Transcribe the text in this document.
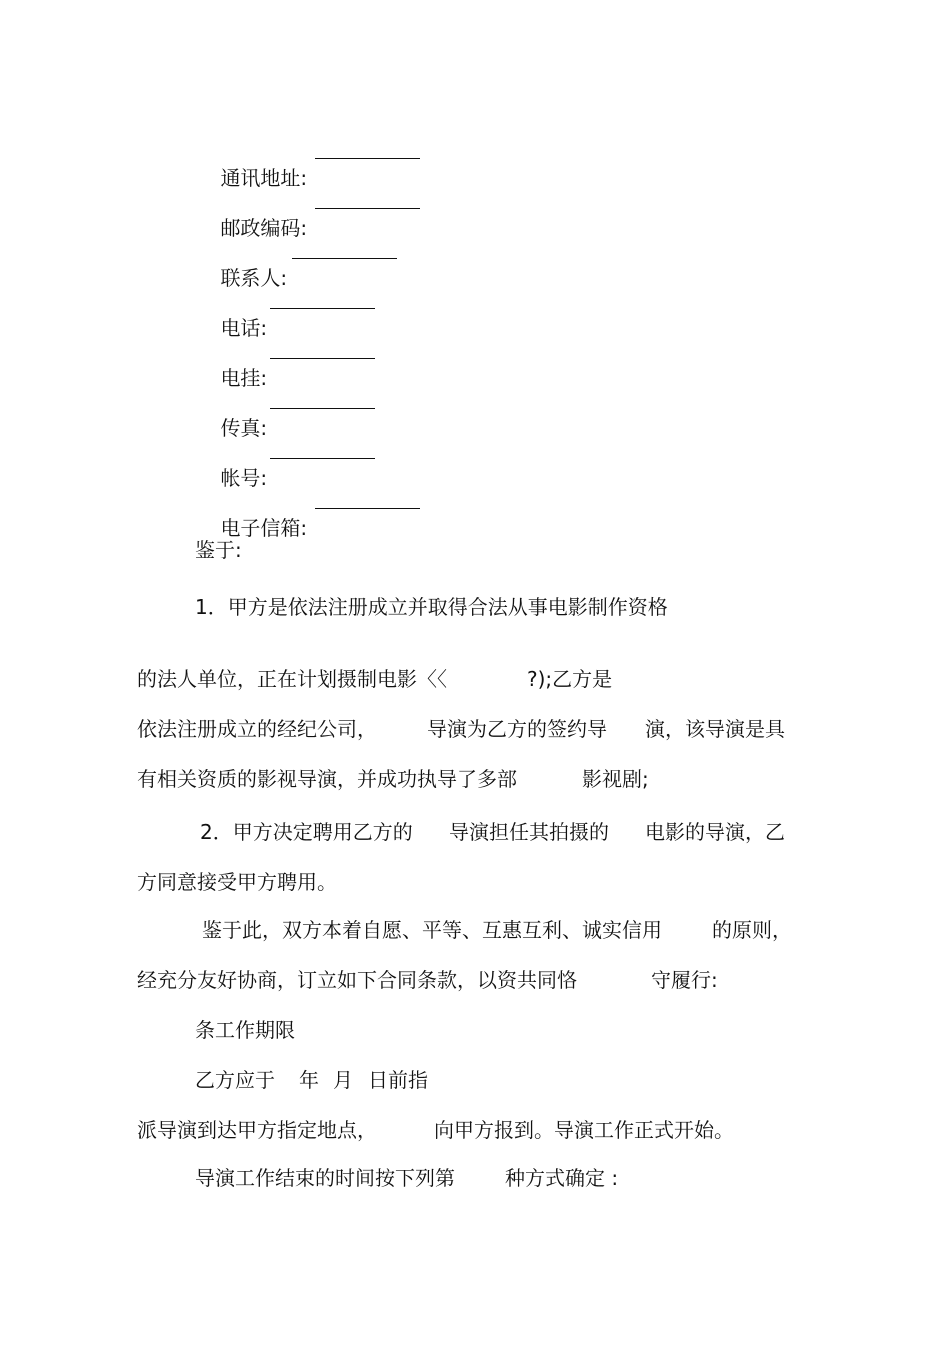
通讯地址:

邮政编码:

联系人:

电话:

电挂:

传真:

帐号:

电子信箱:

鉴于:
1．甲方是依法注册成立并取得合法从事电影制作资格
的法人单位，正在计划摄制电影〈〈	?);乙方是
依法注册成立的经纪公司，	导演为乙方的签约导 演，该导演是具
有相关资质的影视导演，并成功执导了多部	影视剧;
2．甲方决定聘用乙方的 导演担任其拍摄的 电影的导演，乙
方同意接受甲方聘用。
鉴于此，双方本着自愿、平等、互惠互利、诚实信用	的原则，
经充分友好协商，订立如下合同条款，以资共同恪	守履行:
条工作期限
乙方应于 年 月 日前指
派导演到达甲方指定地点，	向甲方报到。导演工作正式开始。
导演工作结束的时间按下列第	种方式确定 :
